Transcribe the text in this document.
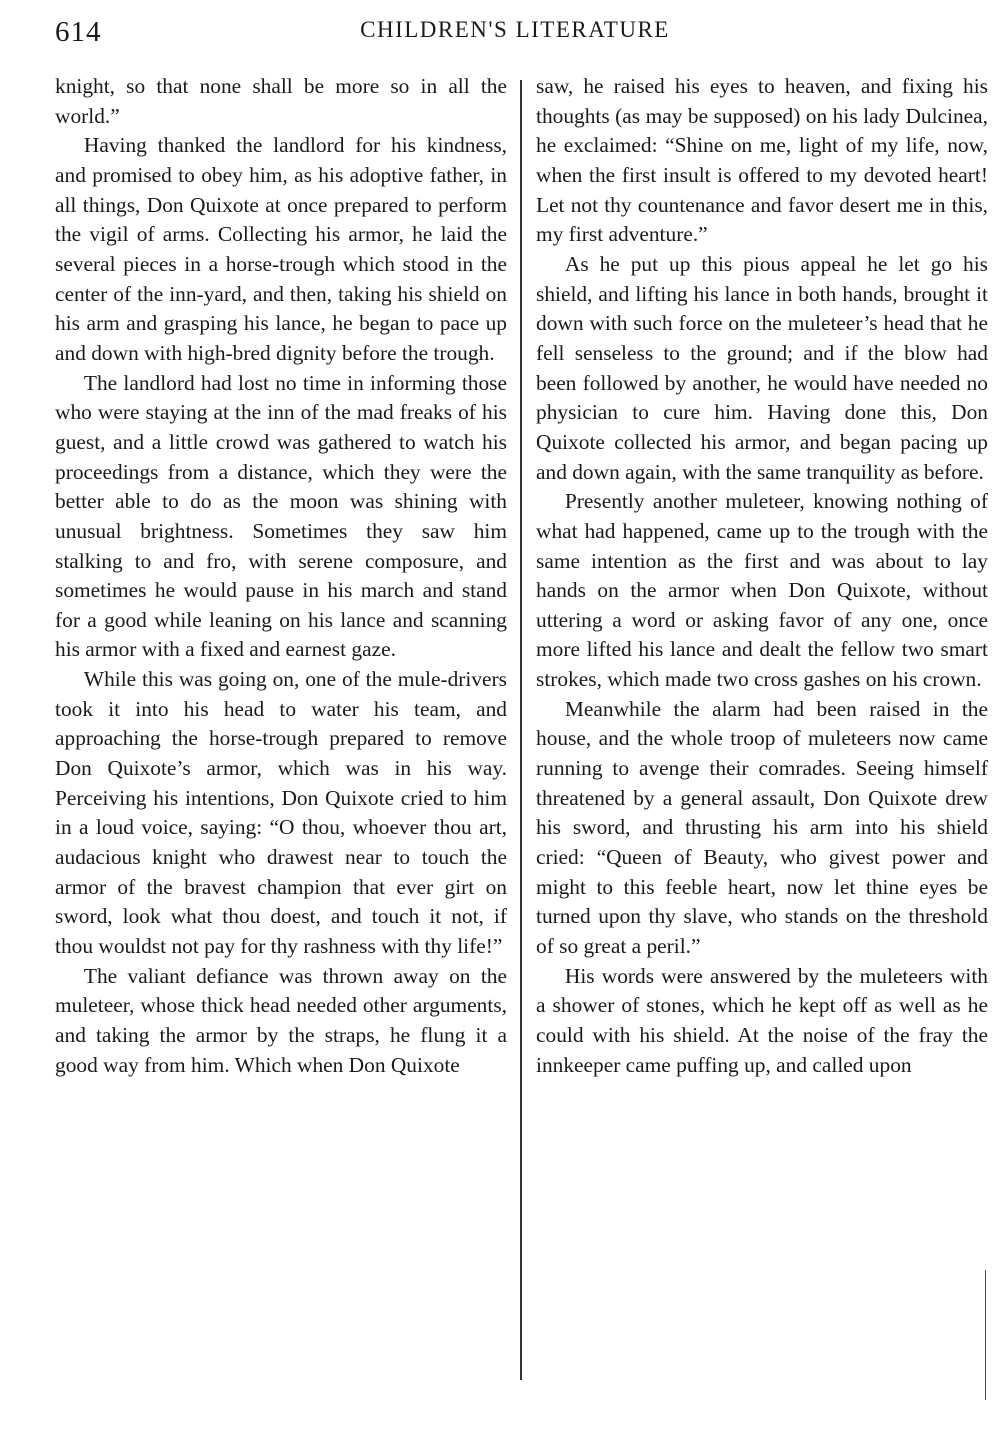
614	CHILDREN'S LITERATURE

knight, so that none shall be more so in all the world.”

Having thanked the landlord for his kindness, and promised to obey him, as his adoptive father, in all things, Don Quixote at once prepared to perform the vigil of arms. Collecting his armor, he laid the several pieces in a horse-trough which stood in the center of the inn-yard, and then, taking his shield on his arm and grasping his lance, he began to pace up and down with high-bred dignity before the trough.

The landlord had lost no time in informing those who were staying at the inn of the mad freaks of his guest, and a little crowd was gathered to watch his proceedings from a distance, which they were the better able to do as the moon was shining with unusual brightness. Sometimes they saw him stalking to and fro, with serene composure, and sometimes he would pause in his march and stand for a good while leaning on his lance and scanning his armor with a fixed and earnest gaze.

While this was going on, one of the mule-drivers took it into his head to water his team, and approaching the horse-trough prepared to remove Don Quixote’s armor, which was in his way. Perceiving his intentions, Don Quixote cried to him in a loud voice, saying: “O thou, whoever thou art, audacious knight who drawest near to touch the armor of the bravest champion that ever girt on sword, look what thou doest, and touch it not, if thou wouldst not pay for thy rashness with thy life!”

The valiant defiance was thrown away on the muleteer, whose thick head needed other arguments, and taking the armor by the straps, he flung it a good way from him. Which when Don Quixote

saw, he raised his eyes to heaven, and fixing his thoughts (as may be supposed) on his lady Dulcinea, he exclaimed: “Shine on me, light of my life, now, when the first insult is offered to my devoted heart! Let not thy countenance and favor desert me in this, my first adventure.”

As he put up this pious appeal he let go his shield, and lifting his lance in both hands, brought it down with such force on the muleteer’s head that he fell senseless to the ground; and if the blow had been followed by another, he would have needed no physician to cure him. Having done this, Don Quixote collected his armor, and began pacing up and down again, with the same tranquility as before.

Presently another muleteer, knowing nothing of what had happened, came up to the trough with the same intention as the first and was about to lay hands on the armor when Don Quixote, without uttering a word or asking favor of any one, once more lifted his lance and dealt the fellow two smart strokes, which made two cross gashes on his crown.

Meanwhile the alarm had been raised in the house, and the whole troop of muleteers now came running to avenge their comrades. Seeing himself threatened by a general assault, Don Quixote drew his sword, and thrusting his arm into his shield cried: “Queen of Beauty, who givest power and might to this feeble heart, now let thine eyes be turned upon thy slave, who stands on the threshold of so great a peril.”

His words were answered by the muleteers with a shower of stones, which he kept off as well as he could with his shield. At the noise of the fray the innkeeper came puffing up, and called upon
